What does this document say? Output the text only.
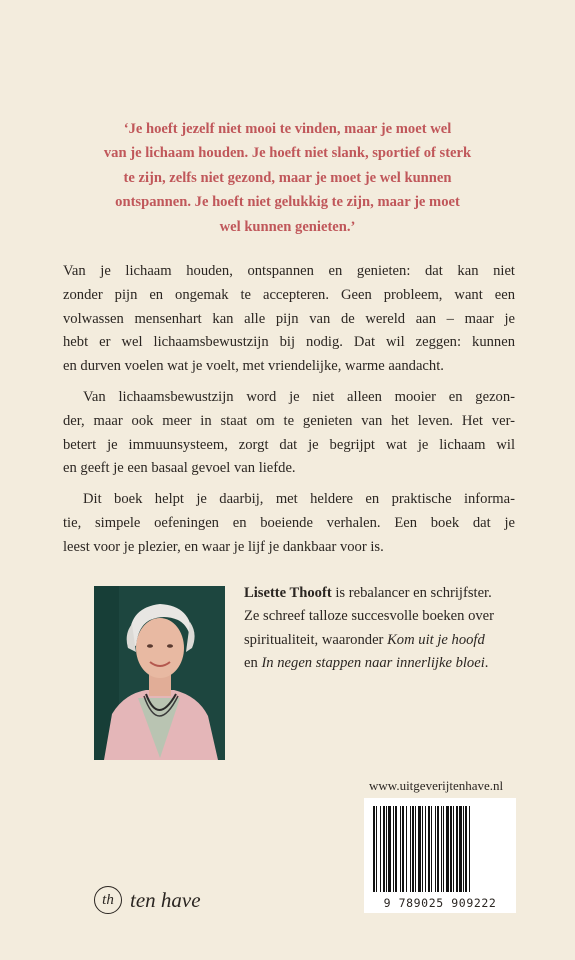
‘Je hoeft jezelf niet mooi te vinden, maar je moet wel
van je lichaam houden. Je hoeft niet slank, sportief of sterk
te zijn, zelfs niet gezond, maar je moet je wel kunnen
ontspannen. Je hoeft niet gelukkig te zijn, maar je moet
wel kunnen genieten.’
Van je lichaam houden, ontspannen en genieten: dat kan niet
zonder pijn en ongemak te accepteren. Geen probleem, want een
volwassen mensenhart kan alle pijn van de wereld aan – maar je
hebt er wel lichaamsbewustzijn bij nodig. Dat wil zeggen: kunnen
en durven voelen wat je voelt, met vriendelijke, warme aandacht.
Van lichaamsbewustzijn word je niet alleen mooier en gezon-
der, maar ook meer in staat om te genieten van het leven. Het ver-
betert je immuunsysteem, zorgt dat je begrijpt wat je lichaam wil
en geeft je een basaal gevoel van liefde.
Dit boek helpt je daarbij, met heldere en praktische informa-
tie, simpele oefeningen en boeiende verhalen. Een boek dat je
leest voor je plezier, en waar je lijf je dankbaar voor is.
Lisette Thooft is rebalancer en schrijfster.
Ze schreef talloze succesvolle boeken over
spiritualiteit, waaronder Kom uit je hoofd
en In negen stappen naar innerlijke bloei.
www.uitgeverijtenhave.nl
9 789025 909222
th ten have
